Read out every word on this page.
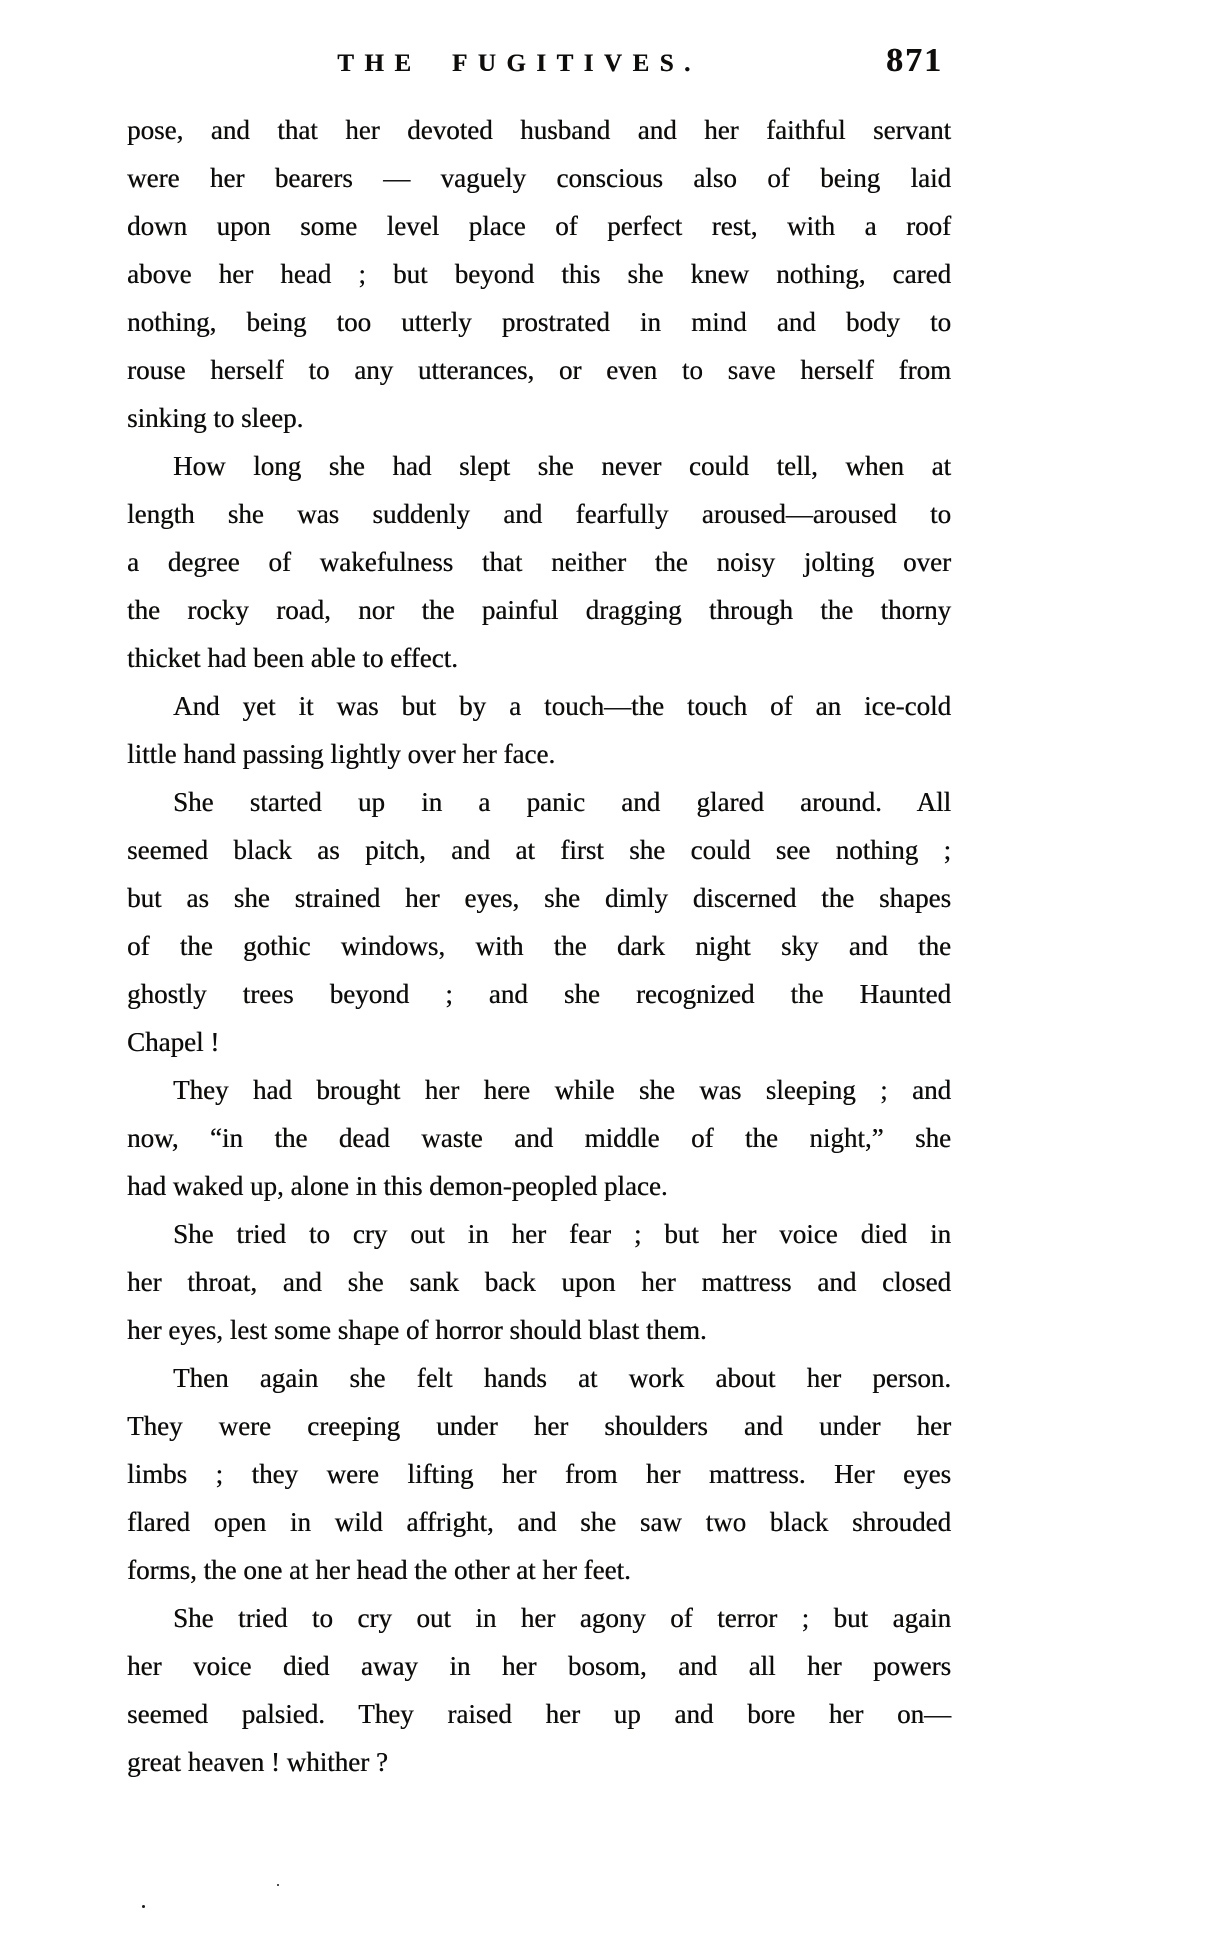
THE FUGITIVES.	871
pose, and that her devoted husband and her faithful servant
were her bearers — vaguely conscious also of being laid
down upon some level place of perfect rest, with a roof
above her head ; but beyond this she knew nothing, cared
nothing, being too utterly prostrated in mind and body to
rouse herself to any utterances, or even to save herself from
sinking to sleep.
How long she had slept she never could tell, when at
length she was suddenly and fearfully aroused—aroused to
a degree of wakefulness that neither the noisy jolting over
the rocky road, nor the painful dragging through the thorny
thicket had been able to effect.
And yet it was but by a touch—the touch of an ice-cold
little hand passing lightly over her face.
She started up in a panic and glared around. All
seemed black as pitch, and at first she could see nothing ;
but as she strained her eyes, she dimly discerned the shapes
of the gothic windows, with the dark night sky and the
ghostly trees beyond ; and she recognized the Haunted
Chapel !
They had brought her here while she was sleeping ; and
now, “in the dead waste and middle of the night,” she
had waked up, alone in this demon-peopled place.
She tried to cry out in her fear ; but her voice died in
her throat, and she sank back upon her mattress and closed
her eyes, lest some shape of horror should blast them.
Then again she felt hands at work about her person.
They were creeping under her shoulders and under her
limbs ; they were lifting her from her mattress. Her eyes
flared open in wild affright, and she saw two black shrouded
forms, the one at her head the other at her feet.
She tried to cry out in her agony of terror ; but again
her voice died away in her bosom, and all her powers
seemed palsied. They raised her up and bore her on—
great heaven ! whither ?
